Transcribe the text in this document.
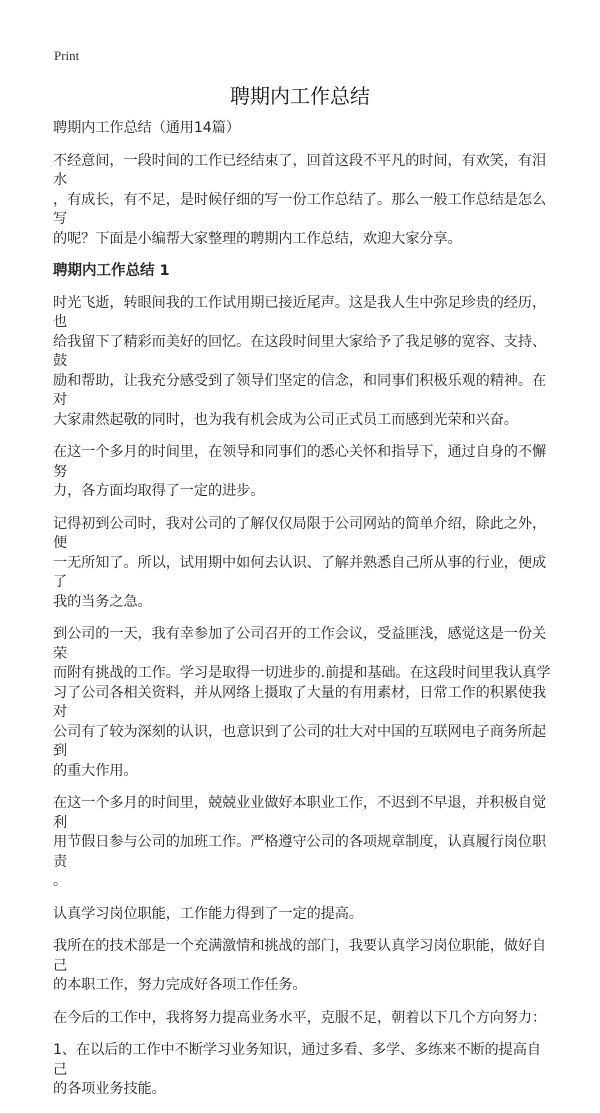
Print
聘期内工作总结

聘期内工作总结（通用14篇）

不经意间，一段时间的工作已经结束了，回首这段不平凡的时间，有欢笑，有泪水
，有成长，有不足，是时候仔细的写一份工作总结了。那么一般工作总结是怎么写
的呢？下面是小编帮大家整理的聘期内工作总结，欢迎大家分享。

聘期内工作总结 1

时光飞逝，转眼间我的工作试用期已接近尾声。这是我人生中弥足珍贵的经历，也
给我留下了精彩而美好的回忆。在这段时间里大家给予了我足够的宽容、支持、鼓
励和帮助，让我充分感受到了领导们坚定的信念，和同事们积极乐观的精神。在对
大家肃然起敬的同时，也为我有机会成为公司正式员工而感到光荣和兴奋。

在这一个多月的时间里，在领导和同事们的悉心关怀和指导下，通过自身的不懈努
力，各方面均取得了一定的进步。

记得初到公司时，我对公司的了解仅仅局限于公司网站的简单介绍，除此之外，便
一无所知了。所以，试用期中如何去认识、了解并熟悉自己所从事的行业，便成了
我的当务之急。

到公司的一天，我有幸参加了公司召开的工作会议，受益匪浅，感觉这是一份关荣
而附有挑战的工作。学习是取得一切进步的.前提和基础。在这段时间里我认真学
习了公司各相关资料，并从网络上摄取了大量的有用素材，日常工作的积累使我对
公司有了较为深刻的认识，也意识到了公司的壮大对中国的互联网电子商务所起到
的重大作用。

在这一个多月的时间里，兢兢业业做好本职业工作，不迟到不早退，并积极自觉利
用节假日参与公司的加班工作。严格遵守公司的各项规章制度，认真履行岗位职责
。

认真学习岗位职能，工作能力得到了一定的提高。

我所在的技术部是一个充满激情和挑战的部门，我要认真学习岗位职能，做好自己
的本职工作，努力完成好各项工作任务。

在今后的工作中，我将努力提高业务水平，克服不足，朝着以下几个方向努力：

1、在以后的工作中不断学习业务知识，通过多看、多学、多练来不断的提高自己
的各项业务技能。
